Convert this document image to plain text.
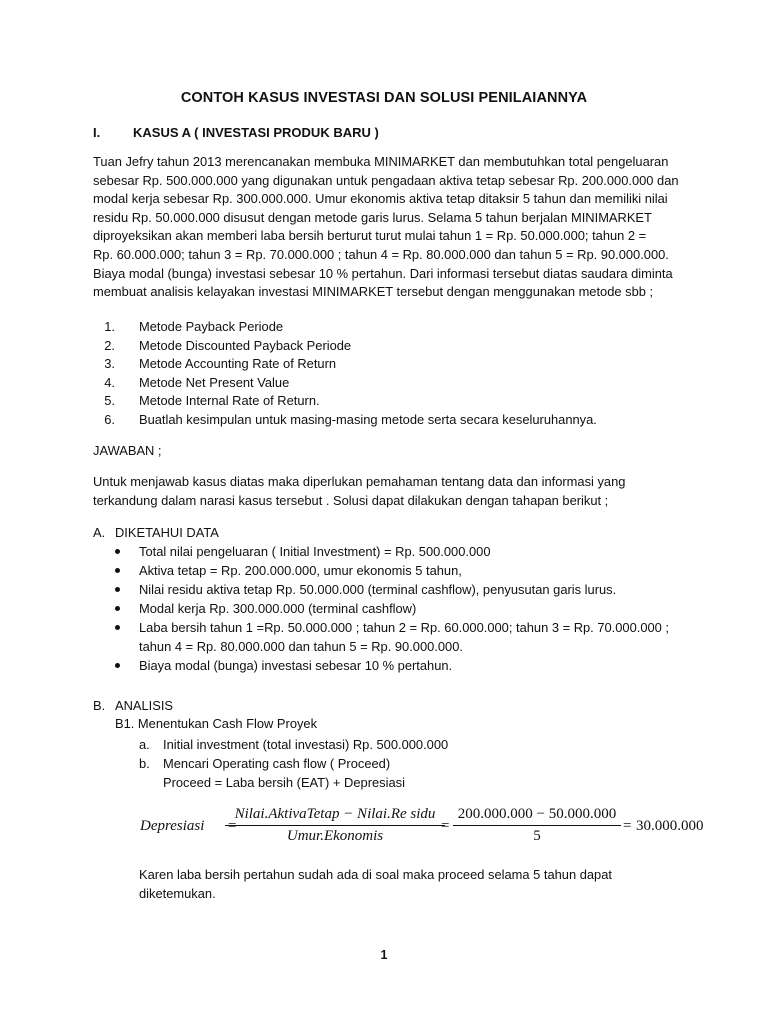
CONTOH KASUS INVESTASI DAN SOLUSI PENILAIANNYA
I.	KASUS A ( INVESTASI PRODUK BARU )
Tuan Jefry tahun 2013 merencanakan membuka MINIMARKET dan membutuhkan total pengeluaran
sebesar Rp. 500.000.000 yang digunakan untuk pengadaan aktiva tetap sebesar Rp. 200.000.000 dan
modal kerja sebesar Rp. 300.000.000. Umur ekonomis aktiva tetap ditaksir 5 tahun dan memiliki nilai
residu Rp. 50.000.000 disusut dengan metode garis lurus. Selama 5 tahun berjalan MINIMARKET
diproyeksikan akan memberi laba bersih berturut turut mulai tahun 1 = Rp. 50.000.000; tahun 2 =
Rp. 60.000.000; tahun 3 = Rp. 70.000.000 ; tahun 4 = Rp. 80.000.000 dan tahun 5 = Rp. 90.000.000.
Biaya modal (bunga) investasi sebesar 10 % pertahun. Dari informasi tersebut diatas saudara diminta
membuat analisis kelayakan investasi MINIMARKET tersebut dengan menggunakan metode sbb ;
1. Metode Payback Periode
2. Metode Discounted Payback Periode
3. Metode Accounting Rate of Return
4. Metode Net Present Value
5. Metode Internal Rate of Return.
6. Buatlah kesimpulan untuk masing-masing metode serta secara keseluruhannya.
JAWABAN ;
Untuk menjawab kasus diatas maka diperlukan pemahaman tentang data dan informasi yang
terkandung dalam narasi kasus tersebut . Solusi dapat dilakukan dengan tahapan berikut ;
A. DIKETAHUI DATA
Total nilai pengeluaran ( Initial Investment) = Rp. 500.000.000
Aktiva tetap = Rp. 200.000.000, umur ekonomis 5 tahun,
Nilai residu aktiva tetap Rp. 50.000.000 (terminal cashflow), penyusutan garis lurus.
Modal kerja Rp. 300.000.000 (terminal cashflow)
Laba bersih tahun 1 =Rp. 50.000.000 ; tahun 2 = Rp. 60.000.000; tahun 3 = Rp. 70.000.000 ;
tahun 4 = Rp. 80.000.000 dan tahun 5 = Rp. 90.000.000.
Biaya modal (bunga) investasi sebesar 10 % pertahun.
B. ANALISIS
B1. Menentukan Cash Flow Proyek
a. Initial investment (total investasi) Rp. 500.000.000
b. Mencari Operating cash flow ( Proceed)
Proceed = Laba bersih (EAT) + Depresiasi
Depresiasi =
Nilai.AktivaTetap − Nilai.Re sidu
Umur.Ekonomis
= $\frac{200.000.000 - 50.000.000}{5} = 30.000.000$
Karen laba bersih pertahun sudah ada di soal maka proceed selama 5 tahun dapat
diketemukan.
1
